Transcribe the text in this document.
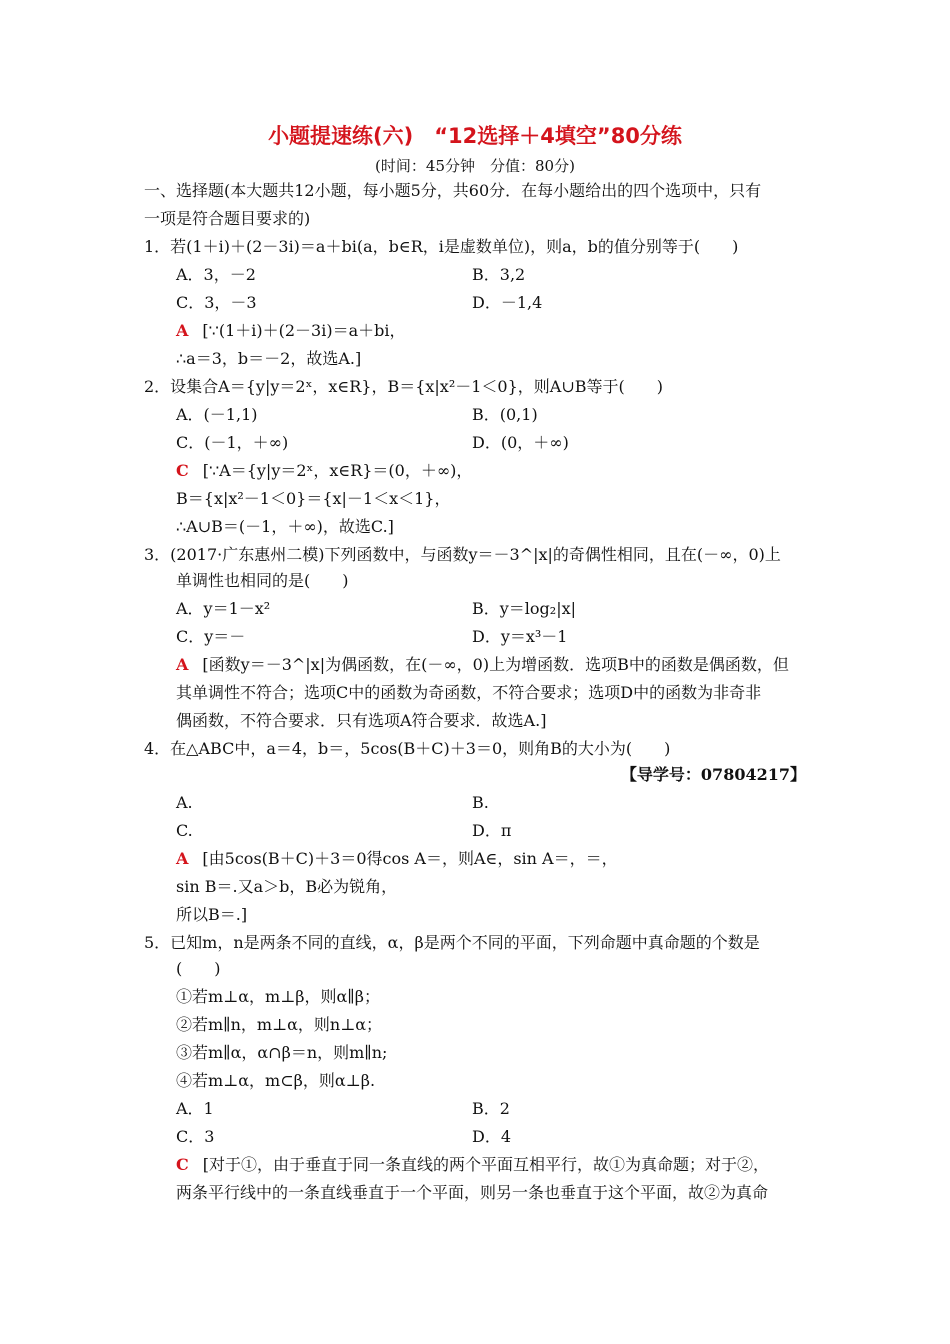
小题提速练(六)　“12选择＋4填空”80分练
(时间：45分钟　分值：80分)
一、选择题(本大题共12小题，每小题5分，共60分．在每小题给出的四个选项中，只有
一项是符合题目要求的)
1．若(1＋i)＋(2－3i)＝a＋bi(a，b∈R，i是虚数单位)，则a，b的值分别等于(　　)
A．3，－2	B．3,2
C．3，－3	D．－1,4
A [∵(1＋i)＋(2－3i)＝a＋bi，
∴a＝3，b＝－2，故选A.]
2．设集合A＝{y|y＝2ˣ，x∈R}，B＝{x|x²－1＜0}，则A∪B等于(　　)
A．(－1,1)	B．(0,1)
C．(－1，＋∞)	D．(0，＋∞)
C [∵A＝{y|y＝2ˣ，x∈R}＝(0，＋∞)，
B＝{x|x²－1＜0}＝{x|－1＜x＜1}，
∴A∪B＝(－1，＋∞)，故选C.]
3．(2017·广东惠州二模)下列函数中，与函数y＝－3^|x|的奇偶性相同，且在(－∞，0)上
单调性也相同的是(　　)
A．y＝1－x²	B．y＝log₂|x|
C．y＝－	D．y＝x³－1
A [函数y＝－3^|x|为偶函数，在(－∞，0)上为增函数．选项B中的函数是偶函数，但
其单调性不符合；选项C中的函数为奇函数，不符合要求；选项D中的函数为非奇非
偶函数，不符合要求．只有选项A符合要求．故选A.]
4．在△ABC中，a＝4，b＝，5cos(B＋C)＋3＝0，则角B的大小为(　　)
【导学号：07804217】
A.	B.
C.	D．π
A [由5cos(B＋C)＋3＝0得cos A＝，则A∈，sin A＝，＝，
sin B＝.又a＞b，B必为锐角，
所以B＝.]
5．已知m，n是两条不同的直线，α，β是两个不同的平面，下列命题中真命题的个数是
(　　)
①若m⊥α，m⊥β，则α∥β；
②若m∥n，m⊥α，则n⊥α；
③若m∥α，α∩β＝n，则m∥n;
④若m⊥α，m⊂β，则α⊥β.
A．1	B．2
C．3	D．4
C [对于①，由于垂直于同一条直线的两个平面互相平行，故①为真命题；对于②，
两条平行线中的一条直线垂直于一个平面，则另一条也垂直于这个平面，故②为真命
